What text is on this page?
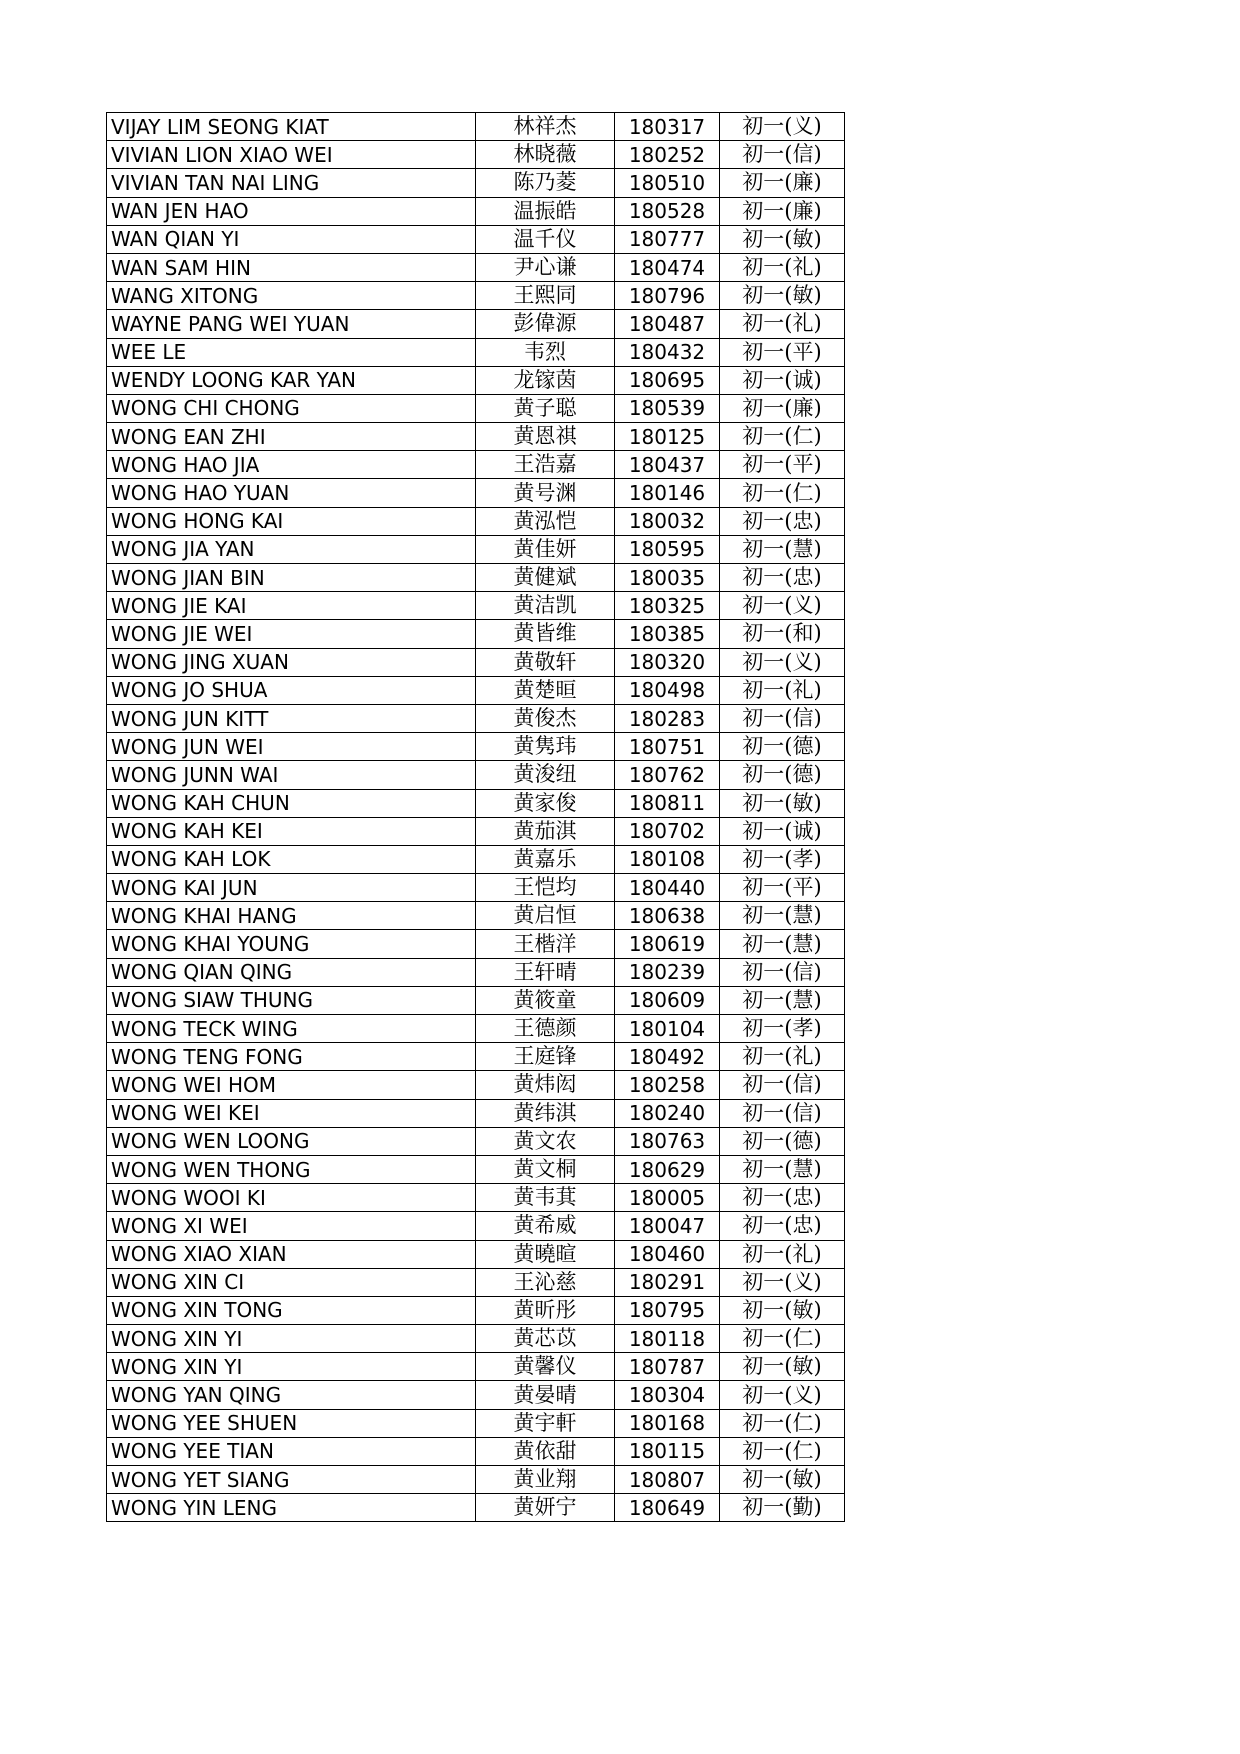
VIJAY LIM SEONG KIAT	林祥杰	180317	初一(义)
VIVIAN LION XIAO WEI	林晓薇	180252	初一(信)
VIVIAN TAN NAI LING	陈乃菱	180510	初一(廉)
WAN JEN HAO	温振皓	180528	初一(廉)
WAN QIAN YI	温千仪	180777	初一(敏)
WAN SAM HIN	尹心谦	180474	初一(礼)
WANG XITONG	王熙同	180796	初一(敏)
WAYNE PANG WEI YUAN	彭偉源	180487	初一(礼)
WEE LE	韦烈	180432	初一(平)
WENDY LOONG KAR YAN	龙镓茵	180695	初一(诚)
WONG CHI CHONG	黄子聪	180539	初一(廉)
WONG EAN ZHI	黄恩祺	180125	初一(仁)
WONG HAO JIA	王浩嘉	180437	初一(平)
WONG HAO YUAN	黄号渊	180146	初一(仁)
WONG HONG KAI	黄泓恺	180032	初一(忠)
WONG JIA YAN	黄佳妍	180595	初一(慧)
WONG JIAN BIN	黄健斌	180035	初一(忠)
WONG JIE KAI	黄洁凯	180325	初一(义)
WONG JIE WEI	黄皆维	180385	初一(和)
WONG JING XUAN	黄敬轩	180320	初一(义)
WONG JO SHUA	黄楚晅	180498	初一(礼)
WONG JUN KITT	黄俊杰	180283	初一(信)
WONG JUN WEI	黄隽玮	180751	初一(德)
WONG JUNN WAI	黄浚纽	180762	初一(德)
WONG KAH CHUN	黄家俊	180811	初一(敏)
WONG KAH KEI	黄茄淇	180702	初一(诚)
WONG KAH LOK	黄嘉乐	180108	初一(孝)
WONG KAI JUN	王恺均	180440	初一(平)
WONG KHAI HANG	黄启恒	180638	初一(慧)
WONG KHAI YOUNG	王楷洋	180619	初一(慧)
WONG QIAN QING	王轩晴	180239	初一(信)
WONG SIAW THUNG	黄筱童	180609	初一(慧)
WONG TECK WING	王德颜	180104	初一(孝)
WONG TENG FONG	王庭锋	180492	初一(礼)
WONG WEI HOM	黄炜闳	180258	初一(信)
WONG WEI KEI	黄纬淇	180240	初一(信)
WONG WEN LOONG	黄文农	180763	初一(德)
WONG WEN THONG	黄文桐	180629	初一(慧)
WONG WOOI KI	黄韦萁	180005	初一(忠)
WONG XI WEI	黄希威	180047	初一(忠)
WONG XIAO XIAN	黄曉暄	180460	初一(礼)
WONG XIN CI	王沁慈	180291	初一(义)
WONG XIN TONG	黄昕彤	180795	初一(敏)
WONG XIN YI	黄芯苡	180118	初一(仁)
WONG XIN YI	黄馨仪	180787	初一(敏)
WONG YAN QING	黄晏晴	180304	初一(义)
WONG YEE SHUEN	黄宇軒	180168	初一(仁)
WONG YEE TIAN	黄依甜	180115	初一(仁)
WONG YET SIANG	黄业翔	180807	初一(敏)
WONG YIN LENG	黄妍宁	180649	初一(勤)
